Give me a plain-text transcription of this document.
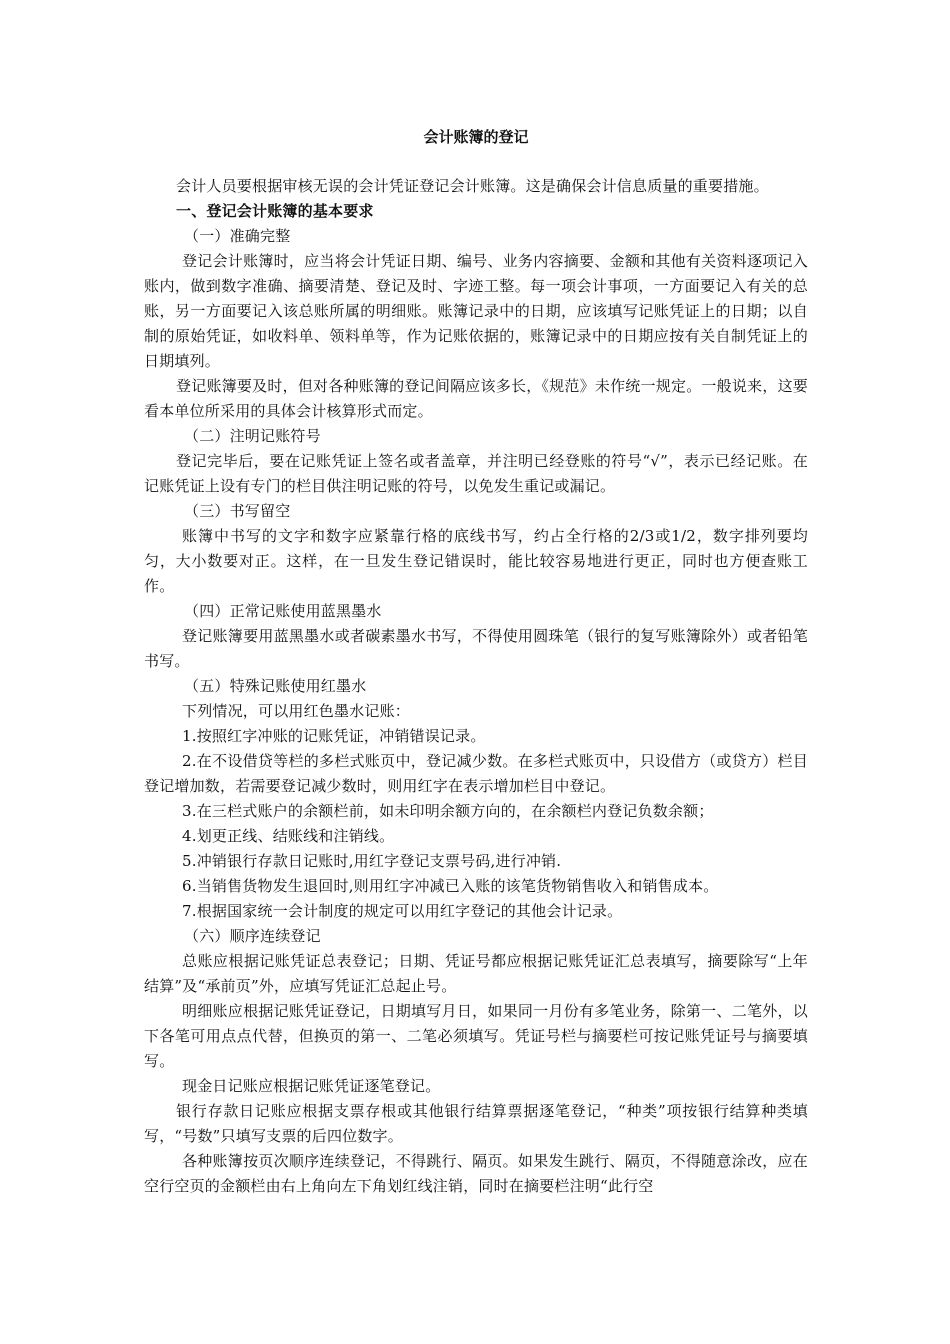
会计账簿的登记

会计人员要根据审核无误的会计凭证登记会计账簿。这是确保会计信息质量的重要措施。

一、登记会计账簿的基本要求

（一）准确完整

登记会计账簿时，应当将会计凭证日期、编号、业务内容摘要、金额和其他有关资料逐项记入账内，做到数字准确、摘要清楚、登记及时、字迹工整。每一项会计事项，一方面要记入有关的总账，另一方面要记入该总账所属的明细账。账簿记录中的日期，应该填写记账凭证上的日期；以自制的原始凭证，如收料单、领料单等，作为记账依据的，账簿记录中的日期应按有关自制凭证上的日期填列。

登记账簿要及时，但对各种账簿的登记间隔应该多长，《规范》未作统一规定。一般说来，这要看本单位所采用的具体会计核算形式而定。

（二）注明记账符号

登记完毕后，要在记账凭证上签名或者盖章，并注明已经登账的符号“√”，表示已经记账。在记账凭证上设有专门的栏目供注明记账的符号，以免发生重记或漏记。

（三）书写留空

账簿中书写的文字和数字应紧靠行格的底线书写，约占全行格的2/3或1/2，数字排列要均匀，大小数要对正。这样，在一旦发生登记错误时，能比较容易地进行更正，同时也方便查账工作。

（四）正常记账使用蓝黑墨水

登记账簿要用蓝黑墨水或者碳素墨水书写，不得使用圆珠笔（银行的复写账簿除外）或者铅笔书写。

（五）特殊记账使用红墨水

下列情况，可以用红色墨水记账：

1.按照红字冲账的记账凭证，冲销错误记录。

2.在不设借贷等栏的多栏式账页中，登记减少数。在多栏式账页中，只设借方（或贷方）栏目登记增加数，若需要登记减少数时，则用红字在表示增加栏目中登记。

3.在三栏式账户的余额栏前，如未印明余额方向的，在余额栏内登记负数余额；

4.划更正线、结账线和注销线。

5.冲销银行存款日记账时,用红字登记支票号码,进行冲销.

6.当销售货物发生退回时,则用红字冲减已入账的该笔货物销售收入和销售成本。

7.根据国家统一会计制度的规定可以用红字登记的其他会计记录。

（六）顺序连续登记

总账应根据记账凭证总表登记；日期、凭证号都应根据记账凭证汇总表填写，摘要除写“上年结算”及“承前页”外，应填写凭证汇总起止号。

明细账应根据记账凭证登记，日期填写月日，如果同一月份有多笔业务，除第一、二笔外，以下各笔可用点点代替，但换页的第一、二笔必须填写。凭证号栏与摘要栏可按记账凭证号与摘要填写。

现金日记账应根据记账凭证逐笔登记。

银行存款日记账应根据支票存根或其他银行结算票据逐笔登记，“种类”项按银行结算种类填写，“号数”只填写支票的后四位数字。

各种账簿按页次顺序连续登记，不得跳行、隔页。如果发生跳行、隔页，不得随意涂改，应在空行空页的金额栏由右上角向左下角划红线注销，同时在摘要栏注明“此行空
